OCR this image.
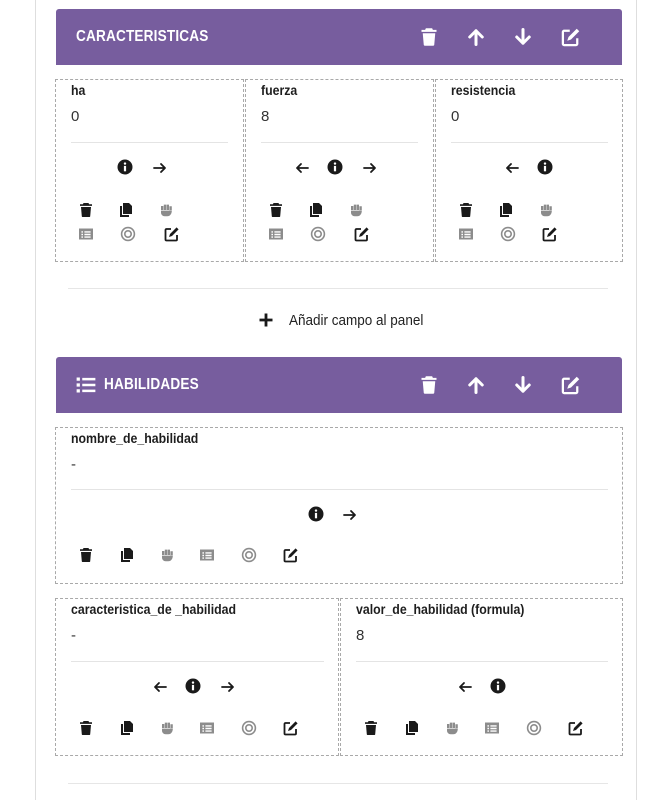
CARACTERISTICAS
ha
0
fuerza
8
resistencia
0
Añadir campo al panel
HABILIDADES
nombre_de_habilidad
-
caracteristica_de _habilidad
-
valor_de_habilidad (formula)
8
